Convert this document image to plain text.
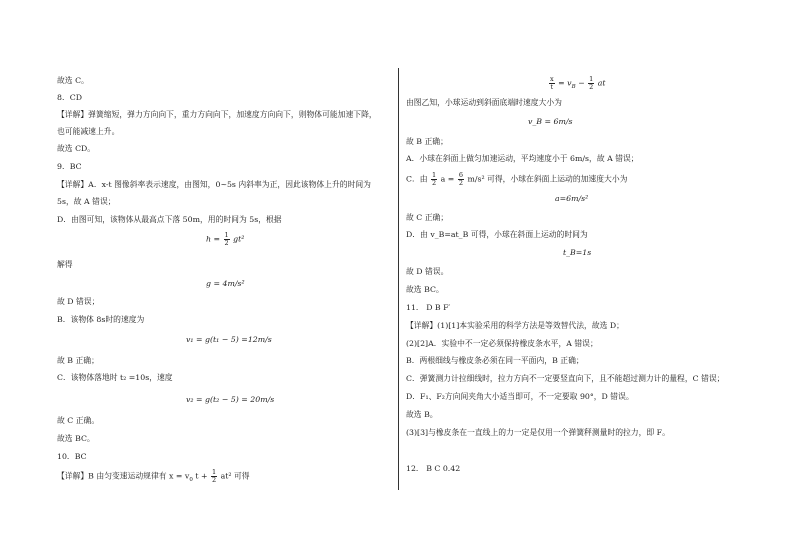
故选 C。
8．CD
【详解】弹簧缩短，弹力方向向下，重力方向向下，加速度方向向下，则物体可能加速下降，
也可能减速上升。
故选 CD。
9．BC
【详解】A．x-t 图像斜率表示速度，由图知，0~5s 内斜率为正，因此该物体上升的时间为
5s，故 A 错误；
D．由图可知，该物体从最高点下落 50m，用的时间为 5s，根据
$h = \frac{1}{2} gt^2$
解得
g = 4m/s²
故 D 错误；
B．该物体 8s时的速度为
v₁ = g(t₁ − 5) =12m/s
故 B 正确；
C．该物体落地时 t₂ =10s，速度
v₂ = g(t₂ − 5) = 20m/s
故 C 正确。
故选 BC。
10．BC
【详解】B 由匀变速运动规律有 $x = v_0$ $t + \frac{1}{2} at^2$ 可得
$\frac{x}{t} = v_B - \frac{1}{2}$ at
由图乙知，小球运动到斜面底端时速度大小为
v_B = 6m/s
故 B 正确；
A．小球在斜面上做匀加速运动，平均速度小于 6m/s，故 A 错误；
C．由 $\frac{1}{2}$ $a = \frac{6}{2} m/s^2$ 可得，小球在斜面上运动的加速度大小为
a=6m/s²
故 C 正确；
D．由 v_B=at_B 可得，小球在斜面上运动的时间为
t_B=1s
故 D 错误。
故选 BC。
11． D B F′
【详解】(1)[1]本实验采用的科学方法是等效替代法，故选 D；
(2)[2]A．实验中不一定必须保持橡皮条水平，A 错误；
B．两根细线与橡皮条必须在同一平面内，B 正确；
C．弹簧测力计拉细线时，拉力方向不一定要竖直向下，且不能超过测力计的量程，C 错误；
D．F₁、F₂方向间夹角大小适当即可，不一定要取 90°，D 错误。
故选 B。
(3)[3]与橡皮条在一直线上的力一定是仅用一个弹簧秤测量时的拉力，即 F。
12． B C 0.42
